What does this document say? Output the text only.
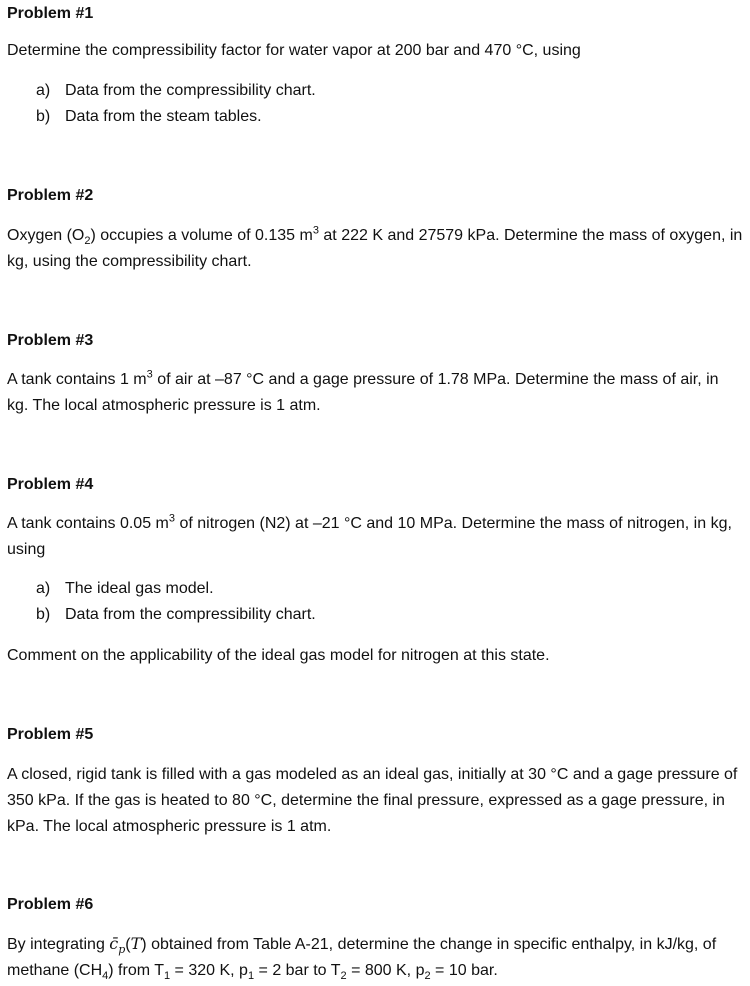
Problem #1

Determine the compressibility factor for water vapor at 200 bar and 470 °C, using

a) Data from the compressibility chart.
b) Data from the steam tables.
Problem #2

Oxygen $(O_2)$ occupies a volume of 0.135 $m^3$ at 222 K and 27579 kPa. Determine the mass of oxygen, in kg, using the compressibility chart.

Problem #3

A tank contains 1 $m^3$ of air at –87 °C and a gage pressure of 1.78 MPa. Determine the mass of air, in kg. The local atmospheric pressure is 1 atm.

Problem #4

A tank contains 0.05 $m^3$ of nitrogen (N2) at –21 °C and 10 MPa. Determine the mass of nitrogen, in kg, using

a) The ideal gas model.
b) Data from the compressibility chart.

Comment on the applicability of the ideal gas model for nitrogen at this state.

Problem #5

A closed, rigid tank is filled with a gas modeled as an ideal gas, initially at 30 °C and a gage pressure of 350 kPa. If the gas is heated to 80 °C, determine the final pressure, expressed as a gage pressure, in kPa. The local atmospheric pressure is 1 atm.

Problem #6

By integrating $c̄_p(T)$ obtained from Table A-21, determine the change in specific enthalpy, in kJ/kg, of methane $(CH_4)$ from $T_1 = 320$ K, $p_1 = 2$ bar to $T_2 = 800$ K, $p_2 = 10$ bar.
